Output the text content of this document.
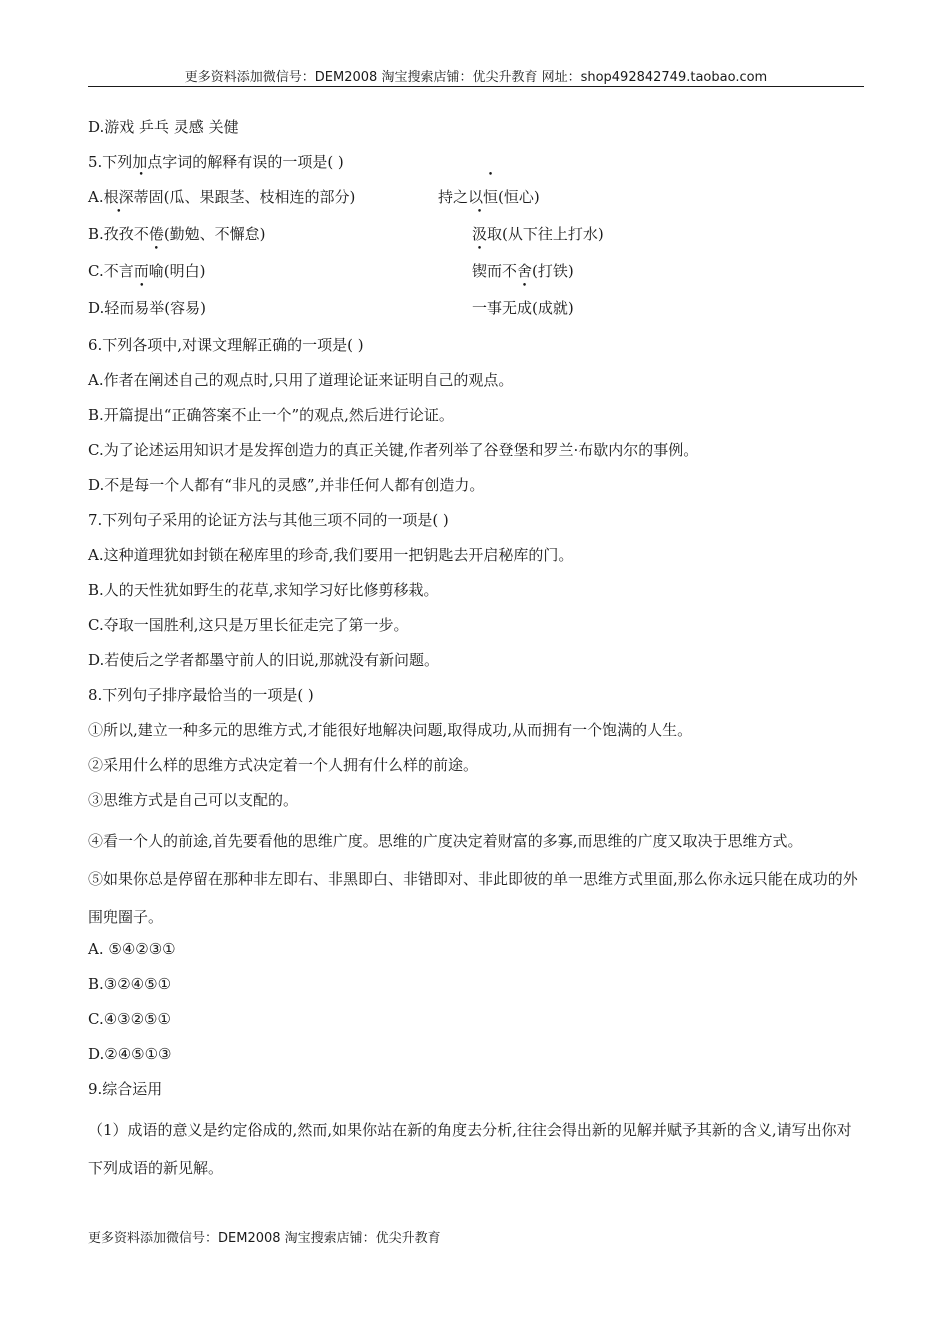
更多资料添加微信号：DEM2008 淘宝搜索店铺：优尖升教育 网址：shop492842749.taobao.com
D.游戏 乒乓 灵感 关健
5.下列加点字词的解释有误的一项是( )
A.根深蒂固(瓜、果跟茎、枝相连的部分)	持之以恒(恒心)
B.孜孜不倦(勤勉、不懈怠)	汲取(从下往上打水)
C.不言而喻(明白)	锲而不舍(打铁)
D.轻而易举(容易)	一事无成(成就)
6.下列各项中,对课文理解正确的一项是( )
A.作者在阐述自己的观点时,只用了道理论证来证明自己的观点。
B.开篇提出“正确答案不止一个”的观点,然后进行论证。
C.为了论述运用知识才是发挥创造力的真正关键,作者列举了谷登堡和罗兰·布歇内尔的事例。
D.不是每一个人都有“非凡的灵感”,并非任何人都有创造力。
7.下列句子采用的论证方法与其他三项不同的一项是( )
A.这种道理犹如封锁在秘库里的珍奇,我们要用一把钥匙去开启秘库的门。
B.人的天性犹如野生的花草,求知学习好比修剪移栽。
C.夺取一国胜利,这只是万里长征走完了第一步。
D.若使后之学者都墨守前人的旧说,那就没有新问题。
8.下列句子排序最恰当的一项是( )
①所以,建立一种多元的思维方式,才能很好地解决问题,取得成功,从而拥有一个饱满的人生。
②采用什么样的思维方式决定着一个人拥有什么样的前途。
③思维方式是自己可以支配的。
④看一个人的前途,首先要看他的思维广度。思维的广度决定着财富的多寡,而思维的广度又取决于思维方式。
⑤如果你总是停留在那种非左即右、非黑即白、非错即对、非此即彼的单一思维方式里面,那么你永远只能在成功的外围兜圈子。
A. ⑤④②③①
B.③②④⑤①
C.④③②⑤①
D.②④⑤①③
9.综合运用
（1）成语的意义是约定俗成的,然而,如果你站在新的角度去分析,往往会得出新的见解并赋予其新的含义,请写出你对下列成语的新见解。
更多资料添加微信号：DEM2008 淘宝搜索店铺：优尖升教育
